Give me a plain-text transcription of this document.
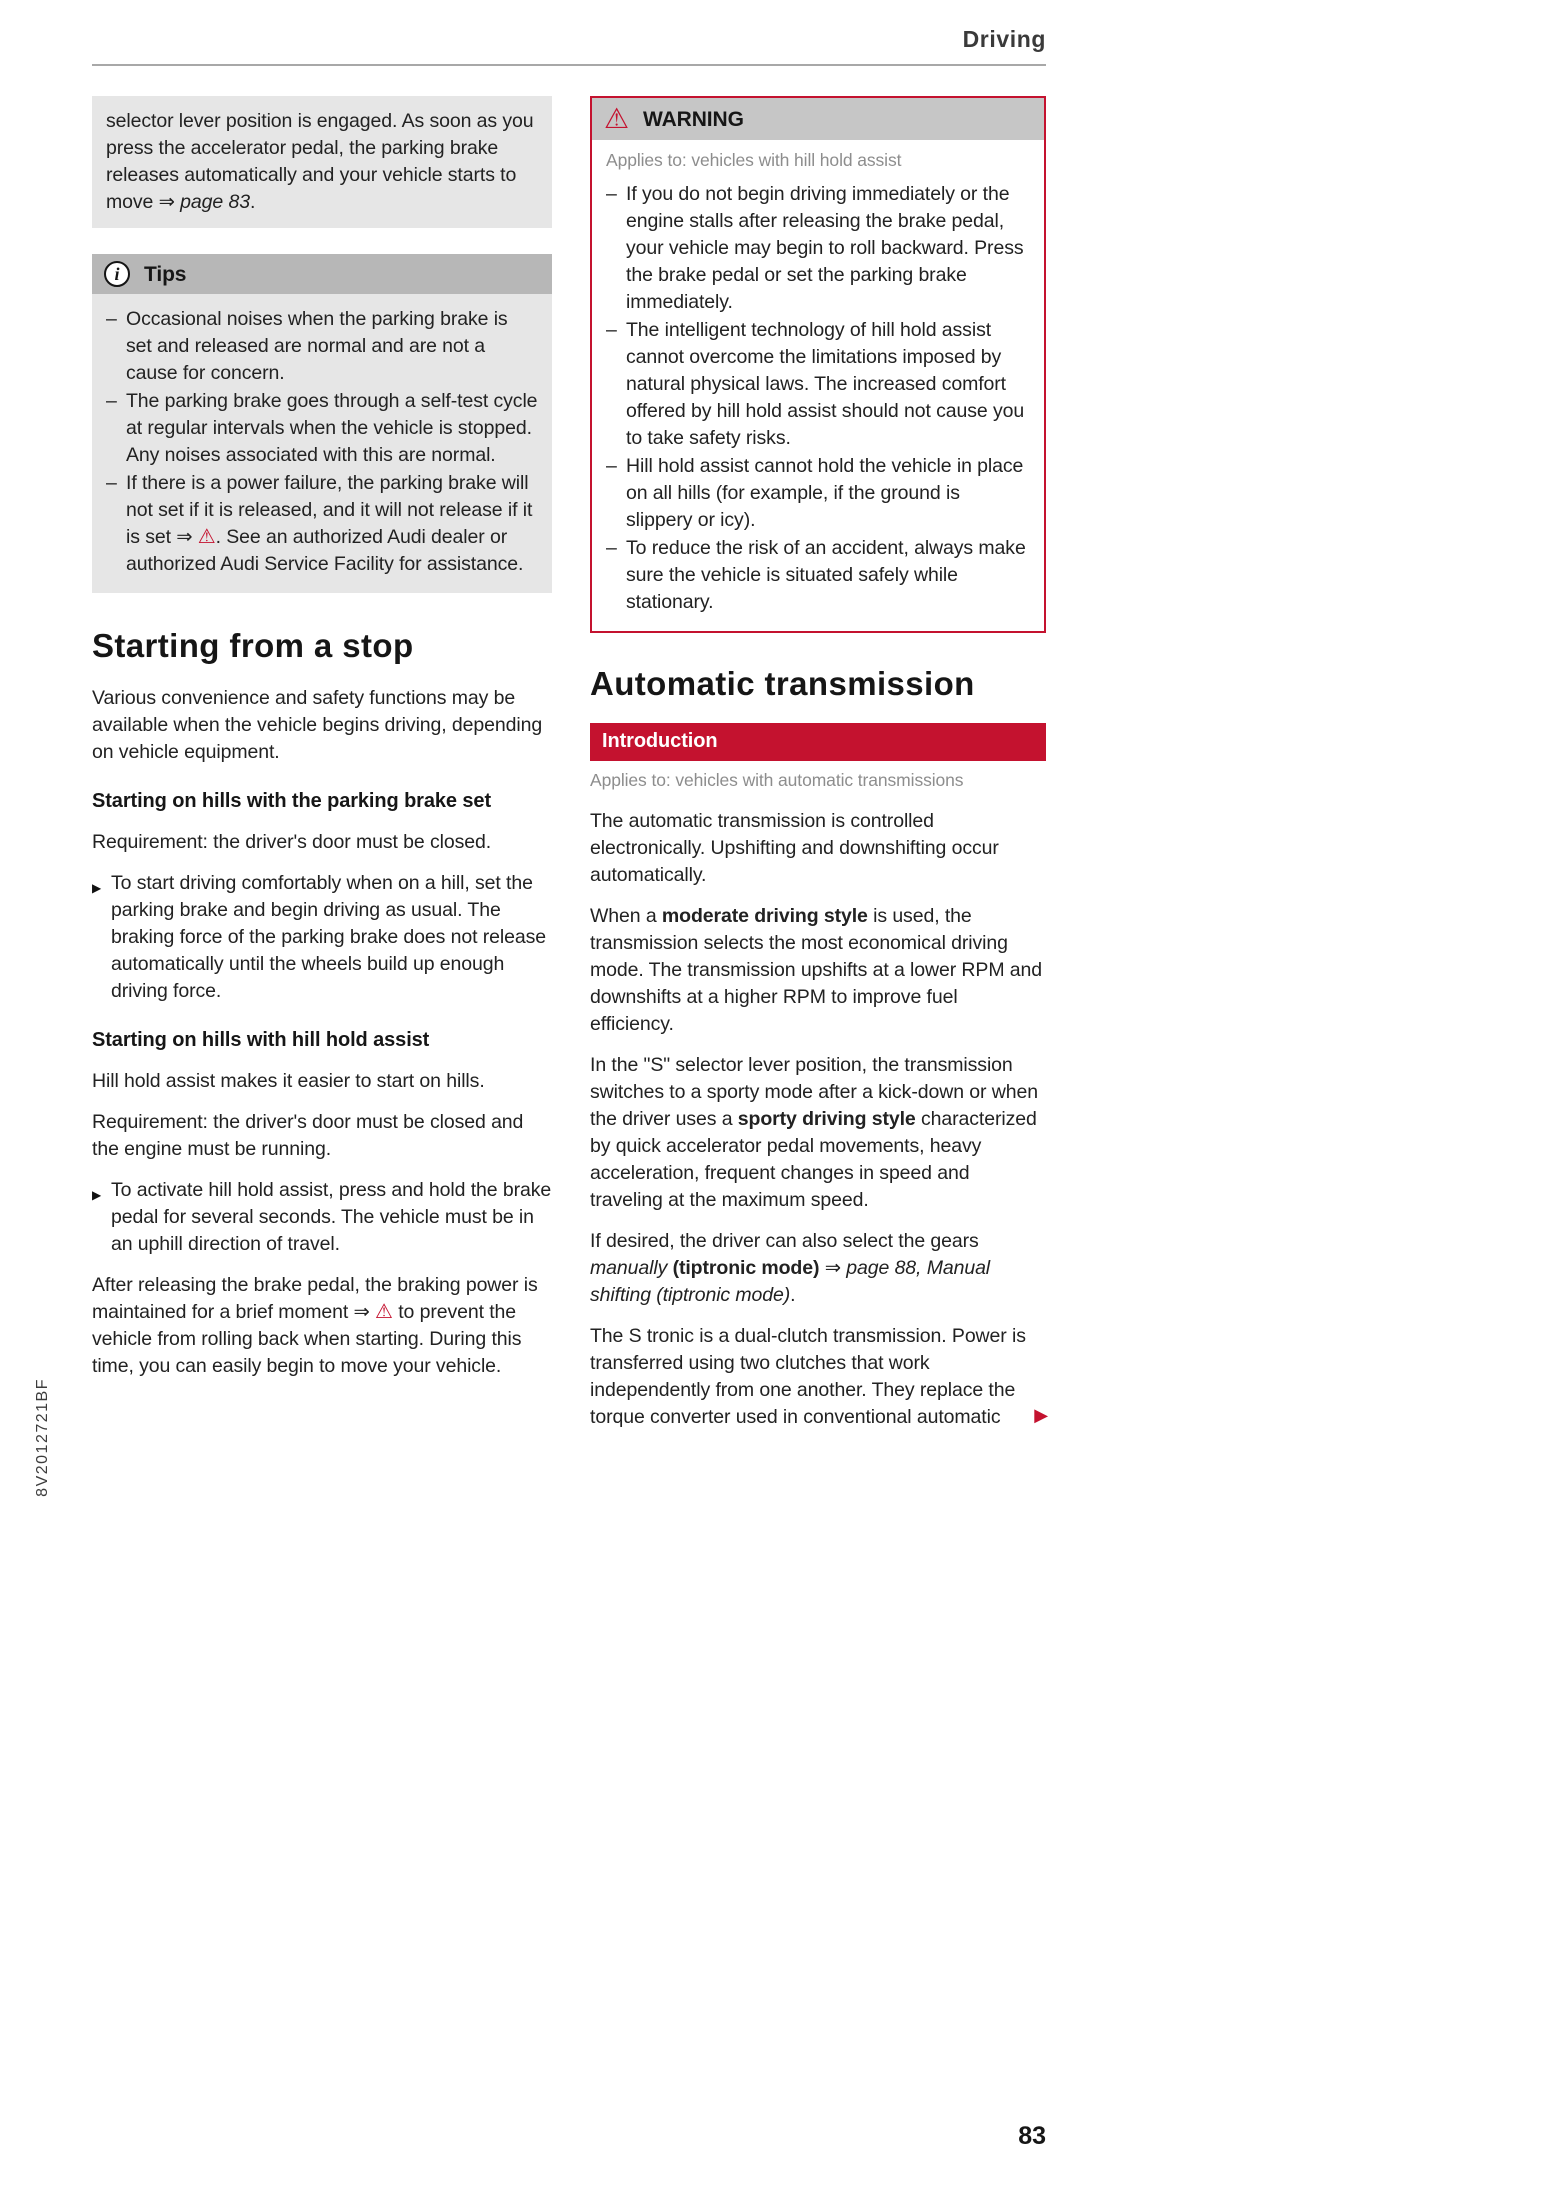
Driving
selector lever position is engaged. As soon as you press the accelerator pedal, the parking brake releases automatically and your vehicle starts to move ⇒ page 83.
i Tips
– Occasional noises when the parking brake is set and released are normal and are not a cause for concern.
– The parking brake goes through a self-test cycle at regular intervals when the vehicle is stopped. Any noises associated with this are normal.
– If there is a power failure, the parking brake will not set if it is released, and it will not release if it is set ⇒ ⚠. See an authorized Audi dealer or authorized Audi Service Facility for assistance.
Starting from a stop

Various convenience and safety functions may be available when the vehicle begins driving, depending on vehicle equipment.

Starting on hills with the parking brake set

Requirement: the driver's door must be closed.

▶ To start driving comfortably when on a hill, set the parking brake and begin driving as usual. The braking force of the parking brake does not release automatically until the wheels build up enough driving force.
Starting on hills with hill hold assist

Hill hold assist makes it easier to start on hills.

Requirement: the driver's door must be closed and the engine must be running.

▶ To activate hill hold assist, press and hold the brake pedal for several seconds. The vehicle must be in an uphill direction of travel.

After releasing the brake pedal, the braking power is maintained for a brief moment ⇒ ⚠ to prevent the vehicle from rolling back when starting. During this time, you can easily begin to move your vehicle.

⚠ WARNING
Applies to: vehicles with hill hold assist
– If you do not begin driving immediately or the engine stalls after releasing the brake pedal, your vehicle may begin to roll backward. Press the brake pedal or set the parking brake immediately.
– The intelligent technology of hill hold assist cannot overcome the limitations imposed by natural physical laws. The increased comfort offered by hill hold assist should not cause you to take safety risks.
– Hill hold assist cannot hold the vehicle in place on all hills (for example, if the ground is slippery or icy).
– To reduce the risk of an accident, always make sure the vehicle is situated safely while stationary.
Automatic transmission
Introduction
Applies to: vehicles with automatic transmissions

The automatic transmission is controlled electronically. Upshifting and downshifting occur automatically.

When a moderate driving style is used, the transmission selects the most economical driving mode. The transmission upshifts at a lower RPM and downshifts at a higher RPM to improve fuel efficiency.

In the "S" selector lever position, the transmission switches to a sporty mode after a kick-down or when the driver uses a sporty driving style characterized by quick accelerator pedal movements, heavy acceleration, frequent changes in speed and traveling at the maximum speed.

If desired, the driver can also select the gears manually (tiptronic mode) ⇒ page 88, Manual shifting (tiptronic mode).

The S tronic is a dual-clutch transmission. Power is transferred using two clutches that work independently from one another. They replace the torque converter used in conventional automatic ▶

8V2012721BF
83
